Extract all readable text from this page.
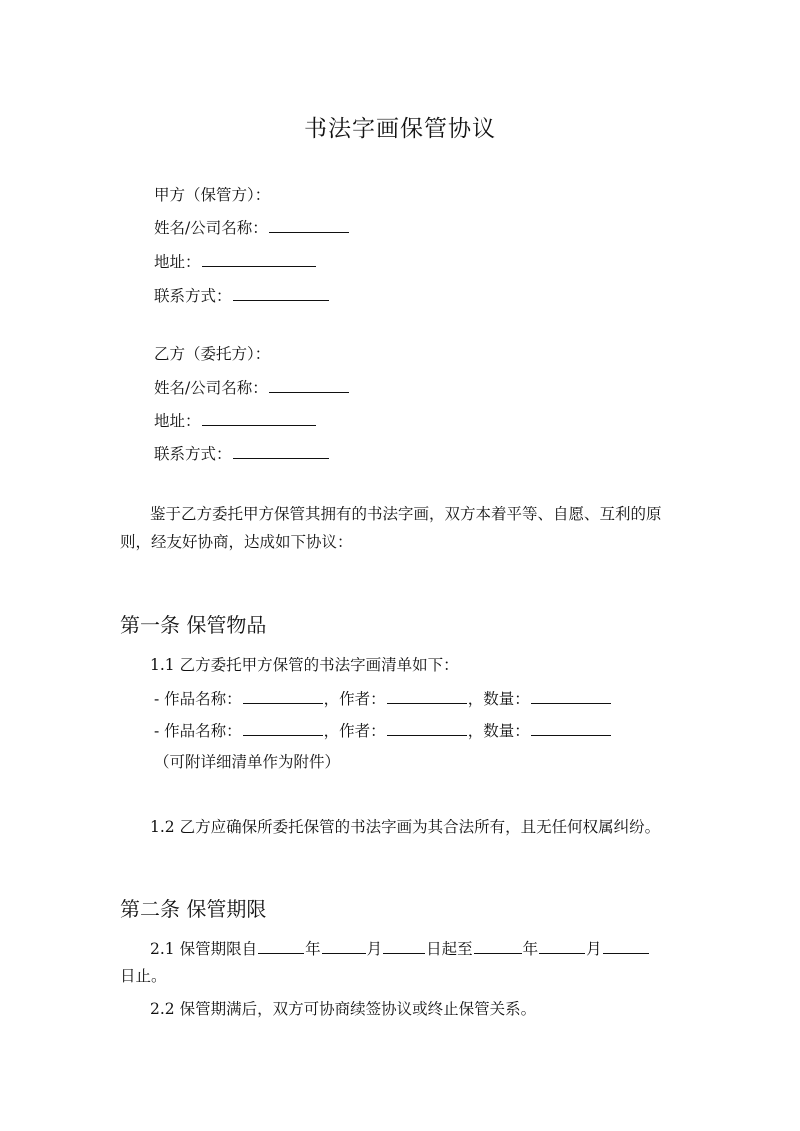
书法字画保管协议
甲方（保管方）：
姓名/公司名称：
地址：
联系方式：
乙方（委托方）：
姓名/公司名称：
地址：
联系方式：
鉴于乙方委托甲方保管其拥有的书法字画，双方本着平等、自愿、互利的原
则，经友好协商，达成如下协议：
第一条 保管物品
1.1 乙方委托甲方保管的书法字画清单如下：
- 作品名称：	，作者：	，数量：
- 作品名称：	，作者：	，数量：
（可附详细清单作为附件）
1.2 乙方应确保所委托保管的书法字画为其合法所有，且无任何权属纠纷。
第二条 保管期限
2.1 保管期限自	年	月	日起至	年	月
日止。
2.2 保管期满后，双方可协商续签协议或终止保管关系。
